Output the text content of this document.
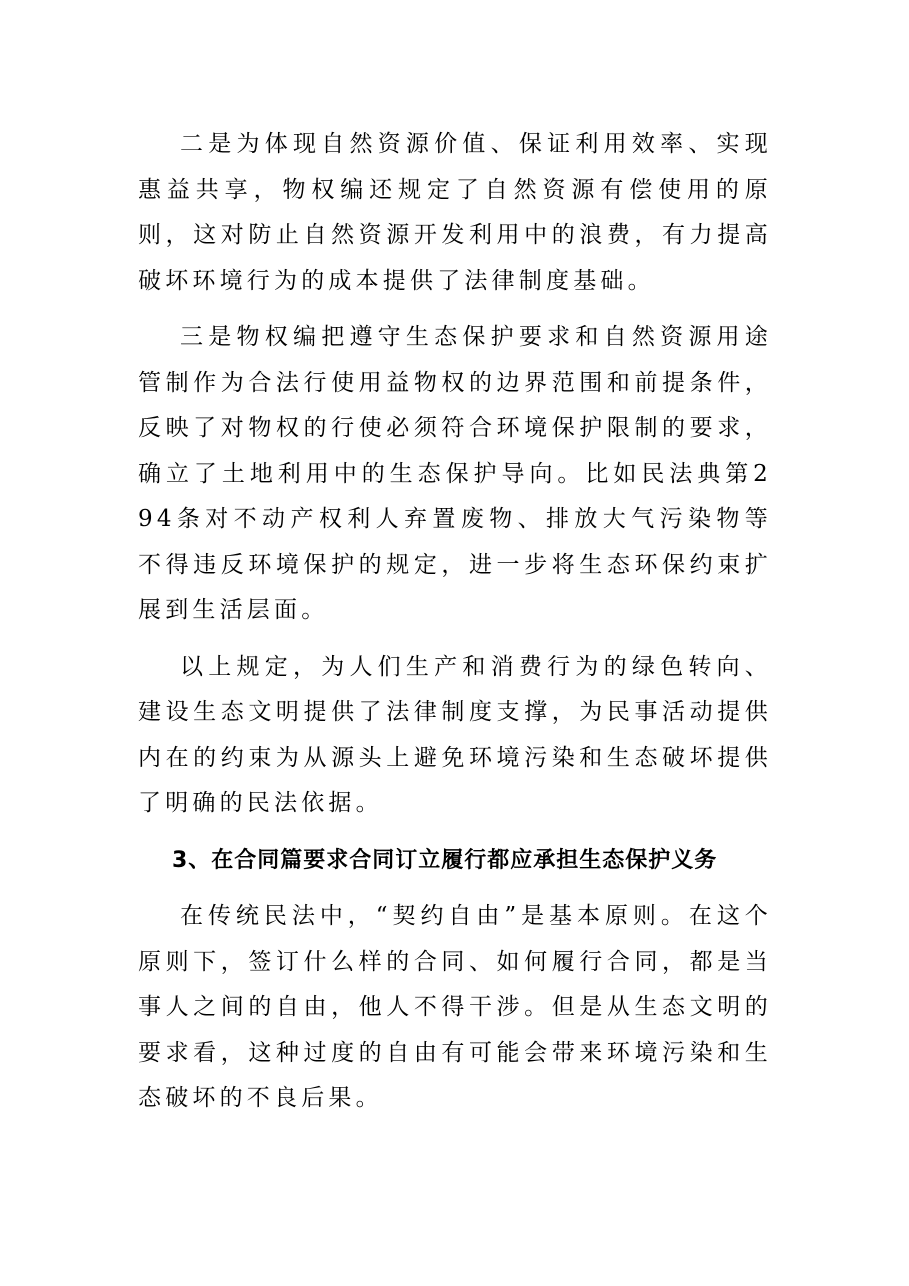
二是为体现自然资源价值、保证利用效率、实现惠益共享，物权编还规定了自然资源有偿使用的原则，这对防止自然资源开发利用中的浪费，有力提高破坏环境行为的成本提供了法律制度基础。

三是物权编把遵守生态保护要求和自然资源用途管制作为合法行使用益物权的边界范围和前提条件，反映了对物权的行使必须符合环境保护限制的要求，确立了土地利用中的生态保护导向。比如民法典第294条对不动产权利人弃置废物、排放大气污染物等不得违反环境保护的规定，进一步将生态环保约束扩展到生活层面。

以上规定，为人们生产和消费行为的绿色转向、建设生态文明提供了法律制度支撑，为民事活动提供内在的约束为从源头上避免环境污染和生态破坏提供了明确的民法依据。

3、在合同篇要求合同订立履行都应承担生态保护义务

在传统民法中，“契约自由”是基本原则。在这个原则下，签订什么样的合同、如何履行合同，都是当事人之间的自由，他人不得干涉。但是从生态文明的要求看，这种过度的自由有可能会带来环境污染和生态破坏的不良后果。
